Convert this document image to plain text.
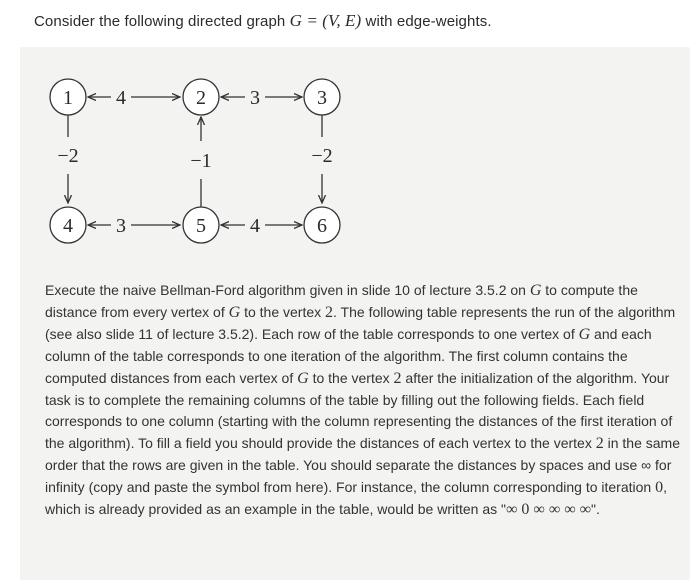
Consider the following directed graph G = (V, E) with edge-weights.
1	2	3
4	5	6
4	3
−2	−1	−2
3	4
Execute the naive Bellman-Ford algorithm given in slide 10 of lecture 3.5.2 on G to compute the distance from every vertex of G to the vertex 2. The following table represents the run of the algorithm (see also slide 11 of lecture 3.5.2). Each row of the table corresponds to one vertex of G and each column of the table corresponds to one iteration of the algorithm. The first column contains the computed distances from each vertex of G to the vertex 2 after the initialization of the algorithm. Your task is to complete the remaining columns of the table by filling out the following fields. Each field corresponds to one column (starting with the column representing the distances of the first iteration of the algorithm). To fill a field you should provide the distances of each vertex to the vertex 2 in the same order that the rows are given in the table. You should separate the distances by spaces and use ∞ for infinity (copy and paste the symbol from here). For instance, the column corresponding to iteration 0, which is already provided as an example in the table, would be written as "∞ 0 ∞ ∞ ∞ ∞".
